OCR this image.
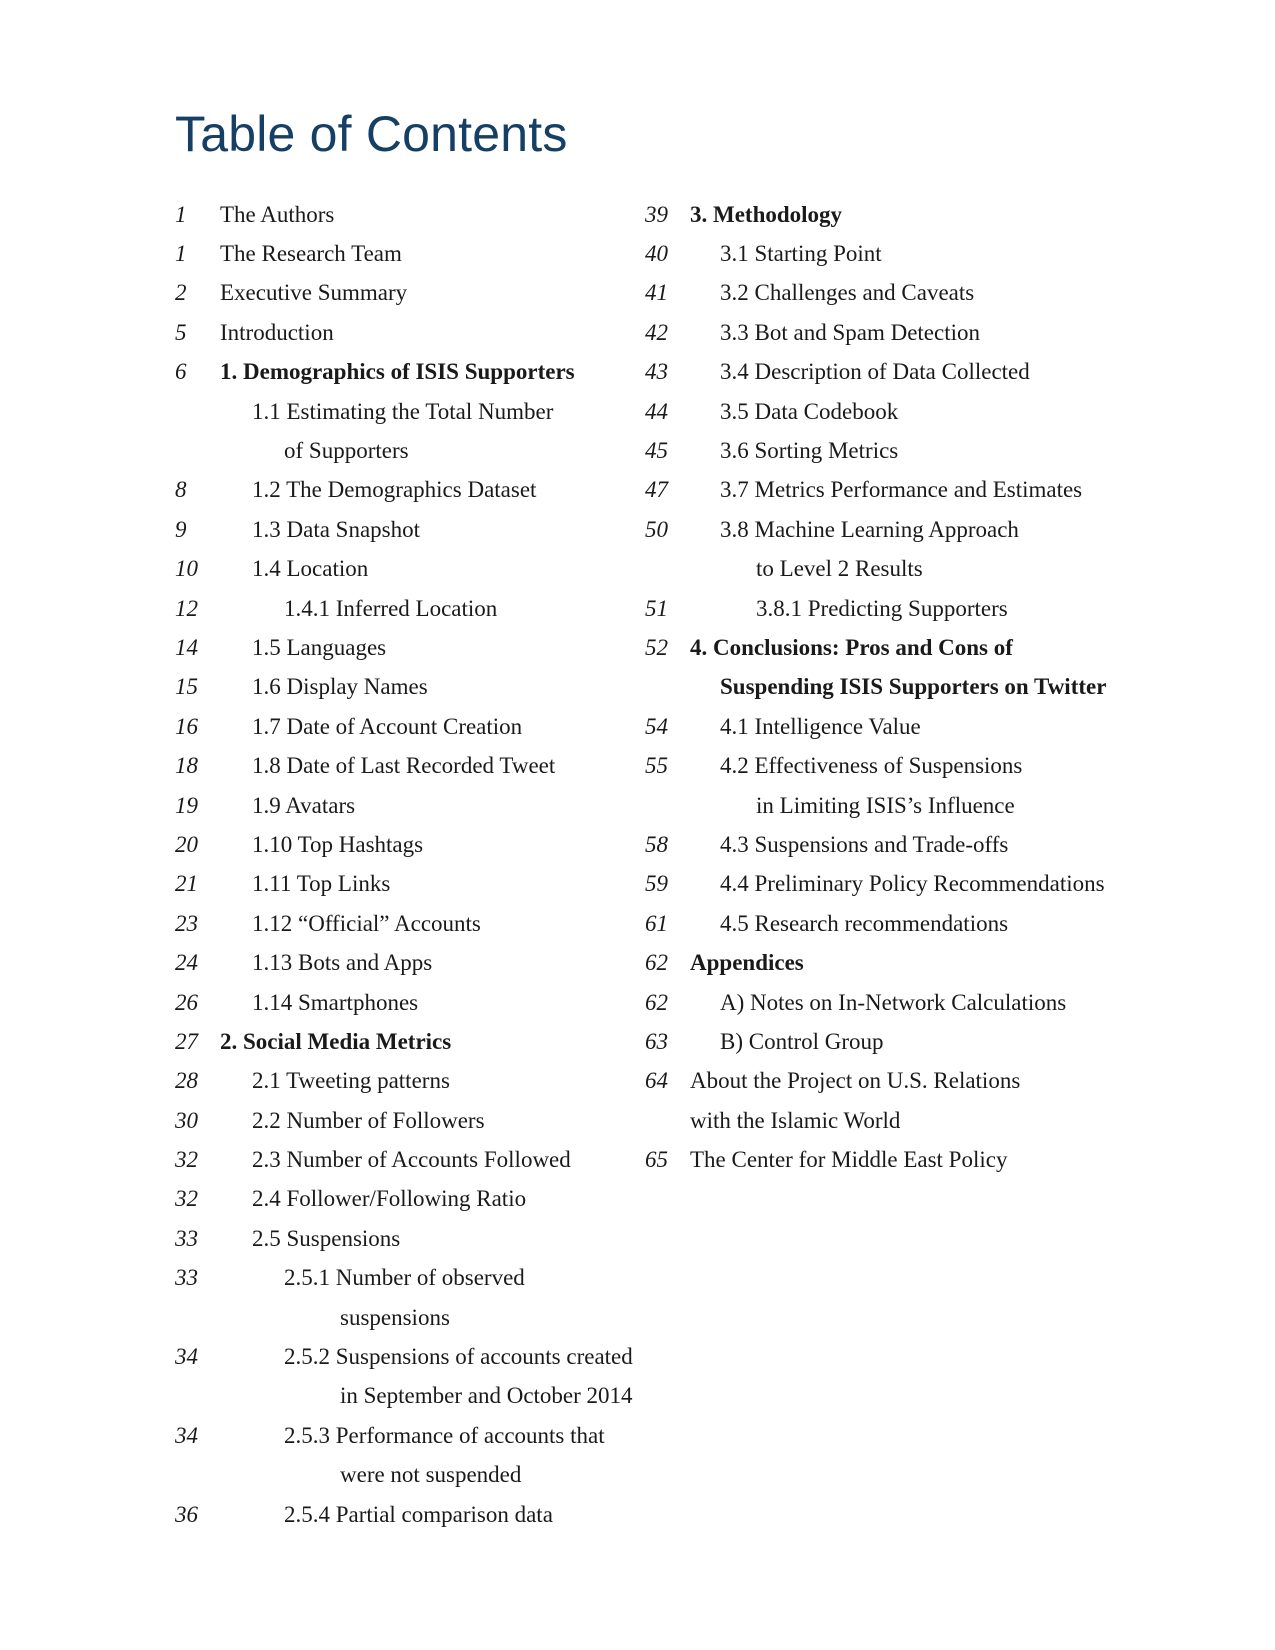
Table of Contents
1	The Authors
1	The Research Team
2	Executive Summary
5	Introduction
6	1. Demographics of ISIS Supporters
1.1 Estimating the Total Number
of Supporters
8	1.2 The Demographics Dataset
9	1.3 Data Snapshot
10	1.4 Location
12	1.4.1 Inferred Location
14	1.5 Languages
15	1.6 Display Names
16	1.7 Date of Account Creation
18	1.8 Date of Last Recorded Tweet
19	1.9 Avatars
20	1.10 Top Hashtags
21	1.11 Top Links
23	1.12 “Official” Accounts
24	1.13 Bots and Apps
26	1.14 Smartphones
27 2. Social Media Metrics
28	2.1 Tweeting patterns
30	2.2 Number of Followers
32	2.3 Number of Accounts Followed
32	2.4 Follower/Following Ratio
33	2.5 Suspensions
33	2.5.1 Number of observed
suspensions
34	2.5.2 Suspensions of accounts created
in September and October 2014
34	2.5.3 Performance of accounts that
were not suspended
36	2.5.4 Partial comparison data
39 3. Methodology
40	3.1 Starting Point
41	3.2 Challenges and Caveats
42	3.3 Bot and Spam Detection
43	3.4 Description of Data Collected
44	3.5 Data Codebook
45	3.6 Sorting Metrics
47	3.7 Metrics Performance and Estimates
50	3.8 Machine Learning Approach
to Level 2 Results
51	3.8.1 Predicting Supporters
52 4. Conclusions: Pros and Cons of
Suspending ISIS Supporters on Twitter
54	4.1 Intelligence Value
55	4.2 Effectiveness of Suspensions
in Limiting ISIS’s Influence
58	4.3 Suspensions and Trade-offs
59	4.4 Preliminary Policy Recommendations
61	4.5 Research recommendations
62 Appendices
62	A) Notes on In-Network Calculations
63	B) Control Group
64 About the Project on U.S. Relations
with the Islamic World
65 The Center for Middle East Policy
